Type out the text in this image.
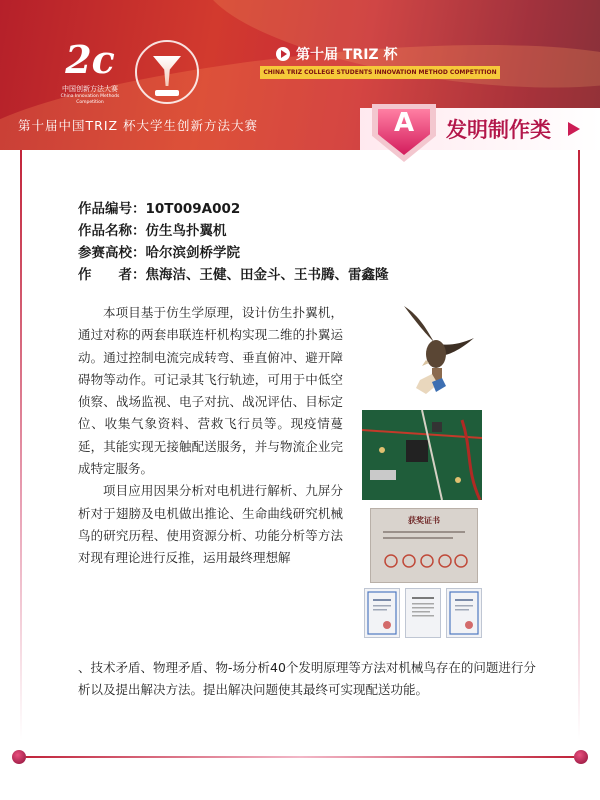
2c
中国创新方法大赛
China Innovation Methods Competition
第十届 TRIZ 杯
CHINA TRIZ COLLEGE STUDENTS INNOVATION METHOD COMPETITION
第十届中国TRIZ 杯大学生创新方法大赛	A	发明制作类
作品编号：10T009A002
作品名称：仿生鸟扑翼机
参赛高校：哈尔滨剑桥学院
作　　者：焦海洁、王健、田金斗、王书腾、雷鑫隆

本项目基于仿生学原理，设计仿生扑翼机，通过对称的两套串联连杆机构实现二维的扑翼运动。通过控制电流完成转弯、垂直俯冲、避开障碍物等动作。可记录其飞行轨迹，可用于中低空侦察、战场监视、电子对抗、战况评估、目标定位、收集气象资料、营救飞行员等。现疫情蔓延，其能实现无接触配送服务，并与物流企业完成特定服务。

项目应用因果分析对电机进行解析、九屏分析对于翅膀及电机做出推论、生命曲线研究机械鸟的研究历程、使用资源分析、功能分析等方法对现有理论进行反推，运用最终理想解

、技术矛盾、物理矛盾、物-场分析40个发明原理等方法对机械鸟存在的问题进行分析以及提出解决方法。提出解决问题使其最终可实现配送功能。
获奖证书
